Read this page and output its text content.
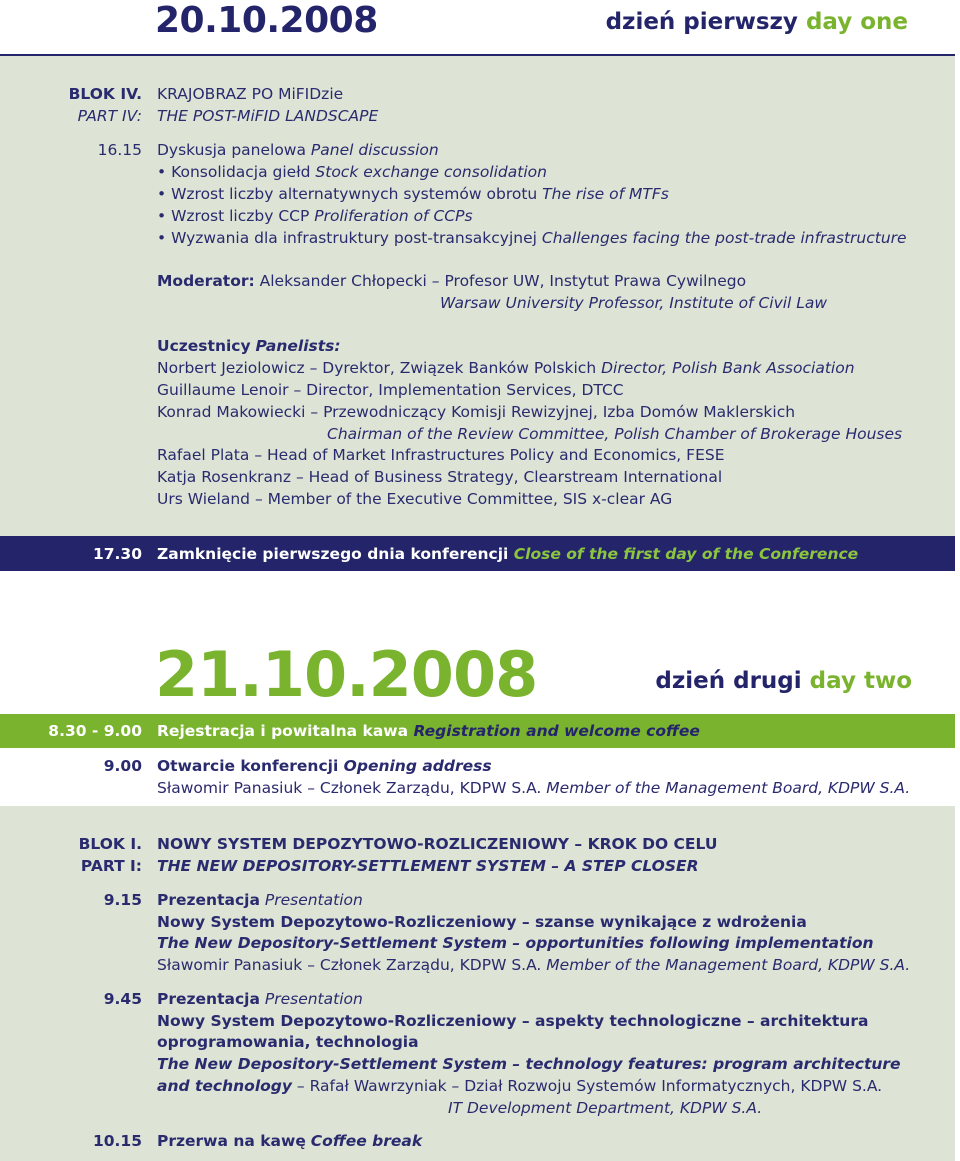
20.10.2008	dzień pierwszy day one
BLOK IV.
PART IV:
KRAJOBRAZ PO MiFIDzie
THE POST-MiFID LANDSCAPE
16.15 Dyskusja panelowa Panel discussion
• Konsolidacja giełd Stock exchange consolidation
• Wzrost liczby alternatywnych systemów obrotu The rise of MTFs
• Wzrost liczby CCP Proliferation of CCPs
• Wyzwania dla infrastruktury post-transakcyjnej Challenges facing the post-trade infrastructure
Moderator: Aleksander Chłopecki – Profesor UW, Instytut Prawa Cywilnego
Warsaw University Professor, Institute of Civil Law
Uczestnicy Panelists:
Norbert Jeziolowicz – Dyrektor, Związek Banków Polskich Director, Polish Bank Association
Guillaume Lenoir – Director, Implementation Services, DTCC
Konrad Makowiecki – Przewodniczący Komisji Rewizyjnej, Izba Domów Maklerskich
Chairman of the Review Committee, Polish Chamber of Brokerage Houses
Rafael Plata – Head of Market Infrastructures Policy and Economics, FESE
Katja Rosenkranz – Head of Business Strategy, Clearstream International
Urs Wieland – Member of the Executive Committee, SIS x-clear AG
17.30 Zamknięcie pierwszego dnia konferencji Close of the first day of the Conference
21.10.2008	dzień drugi day two
8.30 - 9.00 Rejestracja i powitalna kawa Registration and welcome coffee
9.00 Otwarcie konferencji Opening address
Sławomir Panasiuk – Członek Zarządu, KDPW S.A. Member of the Management Board, KDPW S.A.
BLOK I.
PART I:
NOWY SYSTEM DEPOZYTOWO-ROZLICZENIOWY – KROK DO CELU
THE NEW DEPOSITORY-SETTLEMENT SYSTEM – A STEP CLOSER
9.15 Prezentacja Presentation
Nowy System Depozytowo-Rozliczeniowy – szanse wynikające z wdrożenia
The New Depository-Settlement System – opportunities following implementation
Sławomir Panasiuk – Członek Zarządu, KDPW S.A. Member of the Management Board, KDPW S.A.
9.45 Prezentacja Presentation
Nowy System Depozytowo-Rozliczeniowy – aspekty technologiczne – architektura
oprogramowania, technologia
The New Depository-Settlement System – technology features: program architecture
and technology – Rafał Wawrzyniak – Dział Rozwoju Systemów Informatycznych, KDPW S.A.
IT Development Department, KDPW S.A.
10.15 Przerwa na kawę Coffee break
